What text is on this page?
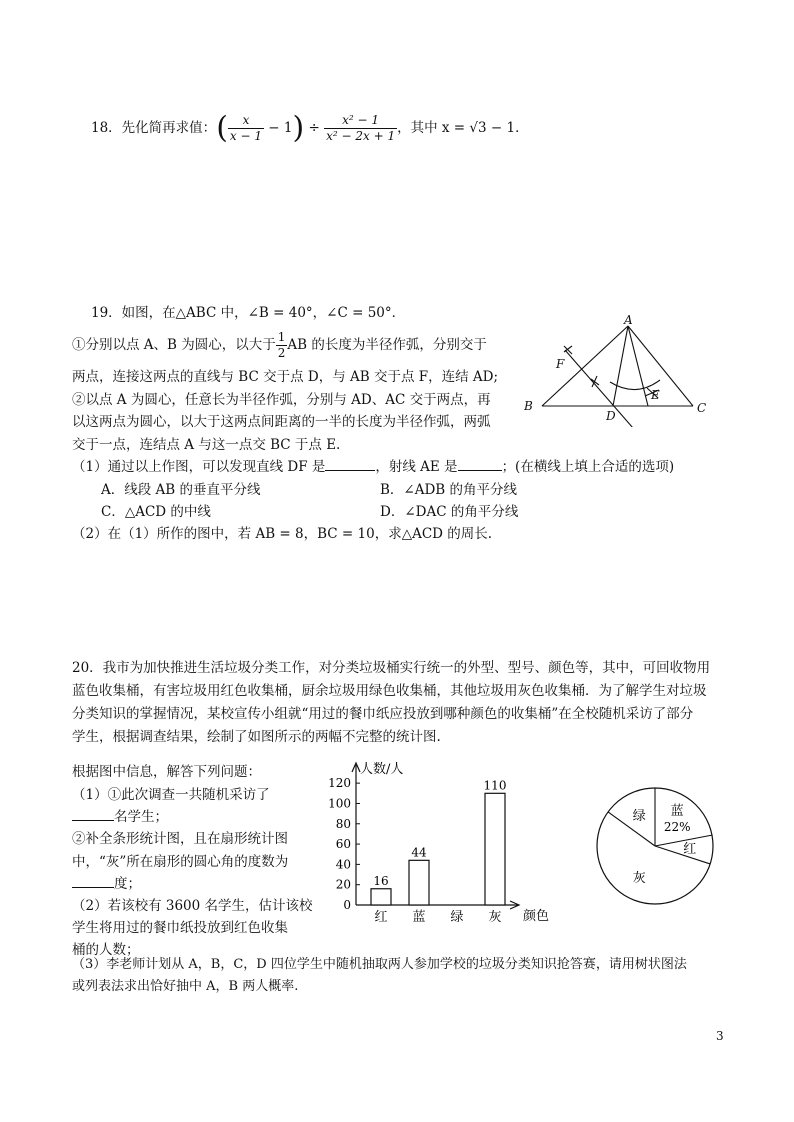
18．先化简再求值：( $\frac{x}{x - 1} - 1) \div \frac{\text{x² − 1}}{\text{x² − 2x + 1}}$ ，其中 x = √3 − 1．
19．如图，在△ABC 中，∠B = 40°，∠C = 50°．
①分别以点 A、B 为圆心，以大于 $\frac{1}{2}$ AB 的长度为半径作弧，分别交于
两点，连接这两点的直线与 BC 交于点 D，与 AB 交于点 F，连结 AD;
②以点 A 为圆心，任意长为半径作弧，分别与 AD、AC 交于两点，再
以这两点为圆心，以大于这两点间距离的一半的长度为半径作弧，两弧
交于一点，连结点 A 与这一点交 BC 于点 E.
（1）通过以上作图，可以发现直线 DF 是	，射线 AE 是	；(在横线上填上合适的选项)
A．线段 AB 的垂直平分线	B．∠ADB 的角平分线
C．△ACD 的中线	D．∠DAC 的角平分线
（2）在（1）所作的图中，若 AB = 8，BC = 10，求△ACD 的周长.
A
B	C
D
E
F
20．我市为加快推进生活垃圾分类工作，对分类垃圾桶实行统一的外型、型号、颜色等，其中，可回收物用
蓝色收集桶，有害垃圾用红色收集桶，厨余垃圾用绿色收集桶，其他垃圾用灰色收集桶．为了解学生对垃圾
分类知识的掌握情况，某校宣传小组就“用过的餐巾纸应投放到哪种颜色的收集桶”在全校随机采访了部分
学生，根据调查结果，绘制了如图所示的两幅不完整的统计图.
根据图中信息，解答下列问题：
（1）①此次调查一共随机采访了
名学生；
②补全条形统计图，且在扇形统计图
中，“灰”所在扇形的圆心角的度数为
度；
（2）若该校有 3600 名学生，估计该校
学生将用过的餐巾纸投放到红色收集
桶的人数；
（3）李老师计划从 A，B，C，D 四位学生中随机抽取两人参加学校的垃圾分类知识抢答赛，请用树状图法
或列表法求出恰好抽中 A，B 两人概率.
人数/人
颜色
0
20
40
60
80
100
120
红
16
蓝
44
绿 灰
110
蓝
22%
红
灰
绿
3
